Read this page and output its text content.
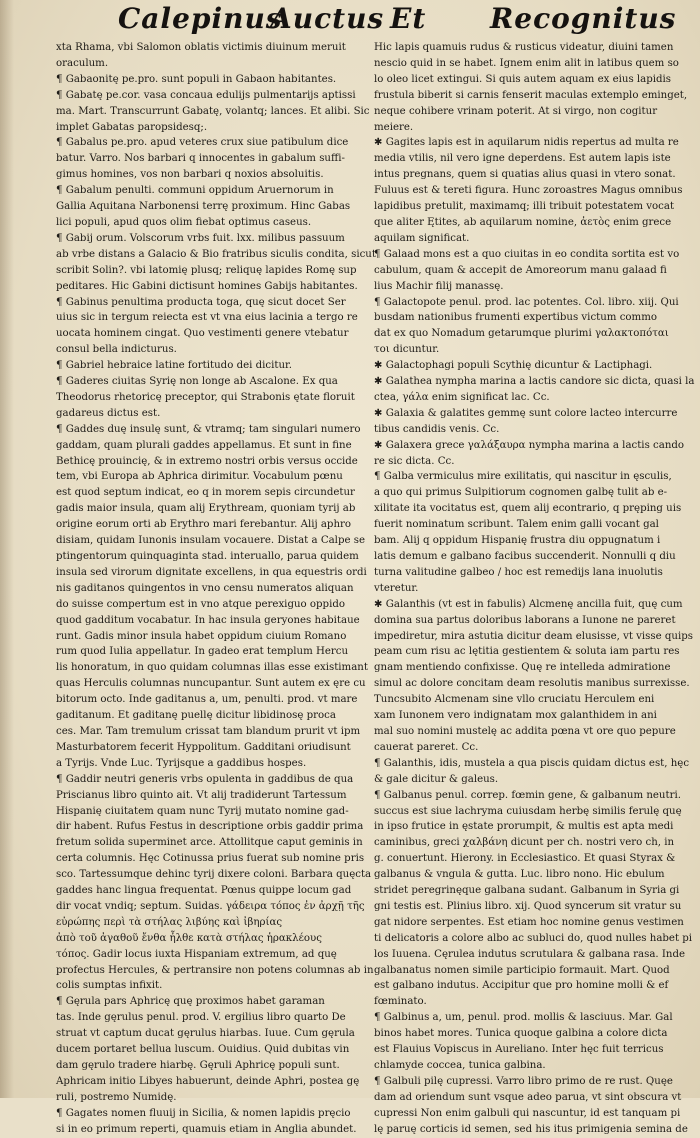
Calepinus
Auctus Et Recognitus
xta Rhama, vbi Salomon oblatis victimis diuinum meruit
oraculum.
¶ Gabaonitę pe.pro. sunt populi in Gabaon habitantes.
¶ Gabatę pe.cor. vasa concaua edulijs pulmentarijs aptissi
ma. Mart. Transcurrunt Gabatę, volantq; lances. Et alibi. Sic
implet Gabatas paropsidesq;.
¶ Gabalus pe.pro. apud veteres crux siue patibulum dice
batur. Varro. Nos barbari q innocentes in gabalum suffi-
gimus homines, vos non barbari q noxios absoluitis.
¶ Gabalum penulti. communi oppidum Aruernorum in
Gallia Aquitana Narbonensi terrę proximum. Hinc Gabas
lici populi, apud quos olim fiebat optimus caseus.
¶ Gabij orum. Volscorum vrbs fuit. lxx. milibus passuum
ab vrbe distans a Galacio & Bio fratribus siculis condita, sicut
scribit Solin?. vbi latomię plusq; reliquę lapides Romę sup
peditares. Hic Gabini dictisunt homines Gabijs habitantes.
¶ Gabinus penultima producta toga, quę sicut docet Ser
uius sic in tergum reiecta est vt vna eius lacinia a tergo re
uocata hominem cingat. Quo vestimenti genere vtebatur
consul bella indicturus.
¶ Gabriel hebraice latine fortitudo dei dicitur.
¶ Gaderes ciuitas Syrię non longe ab Ascalone. Ex qua
Theodorus rhetoricę preceptor, qui Strabonis ętate floruit
gadareus dictus est.
¶ Gaddes duę insulę sunt, & vtramq; tam singulari numero
gaddam, quam plurali gaddes appellamus. Et sunt in fine
Bethicę prouincię, & in extremo nostri orbis versus occide
tem, vbi Europa ab Aphrica dirimitur. Vocabulum pœnu
est quod septum indicat, eo q in morem sepis circundetur
gadis maior insula, quam alij Erythream, quoniam tyrij ab
origine eorum orti ab Erythro mari ferebantur. Alij aphro
disiam, quidam Iunonis insulam vocauere. Distat a Calpe se
ptingentorum quinquaginta stad. interuallo, parua quidem
insula sed virorum dignitate excellens, in qua equestris ordi
nis gaditanos quingentos in vno censu numeratos aliquan
do suisse compertum est in vno atque perexiguo oppido
quod gadditum vocabatur. In hac insula geryones habitaue
runt. Gadis minor insula habet oppidum ciuium Romano
rum quod Iulia appellatur. In gadeo erat templum Hercu
lis honoratum, in quo quidam columnas illas esse existimant
quas Herculis columnas nuncupantur. Sunt autem ex ęre cu
bitorum octo. Inde gaditanus a, um, penulti. prod. vt mare
gaditanum. Et gaditanę puellę dicitur libidinosę proca
ces. Mar. Tam tremulum crissat tam blandum prurit vt ipm
Masturbatorem fecerit Hyppolitum. Gadditani oriudisunt
a Tyrijs. Vnde Luc. Tyrijsque a gaddibus hospes.
¶ Gaddir neutri generis vrbs opulenta in gaddibus de qua
Priscianus libro quinto ait. Vt alij tradiderunt Tartessum
Hispanię ciuitatem quam nunc Tyrij mutato nomine gad-
dir habent. Rufus Festus in descriptione orbis gaddir prima
fretum solida superminet arce. Attollitque caput geminis in
certa columnis. Hęc Cotinussa prius fuerat sub nomine pris
sco. Tartessumque dehinc tyrij dixere coloni. Barbara quęcta
gaddes hanc lingua frequentat. Pœnus quippe locum gad
dir vocat vndiq; septum. Suidas. γάδειρα τόπος ἐν ἀρχῇ τῆς
εὐρώπης περὶ τὰ στήλας λιβύης καὶ ἰβηρίας
ἀπὸ τοῦ ἀγαθοῦ ἔνθα ἦλθε κατὰ στήλας ἡρακλέους
τόπος. Gadir locus iuxta Hispaniam extremum, ad quę
profectus Hercules, & pertransire non potens columnas ab in
colis sumptas infixit.
¶ Gęrula pars Aphricę quę proximos habet garaman
tas. Inde gęrulus penul. prod. V. ergilius libro quarto De
struat vt captum ducat gęrulus hiarbas. Iuue. Cum gęrula
ducem portaret bellua luscum. Ouidius. Quid dubitas vin
dam gęrulo tradere hiarbę. Gęruli Aphricę populi sunt.
Aphricam initio Libyes habuerunt, deinde Aphri, postea gę
ruli, postremo Numidę.
¶ Gagates nomen fluuij in Sicilia, & nomen lapidis pręcio
si in eo primum reperti, quamuis etiam in Anglia abundet.
Hic lapis quamuis rudus & rusticus videatur, diuini tamen
nescio quid in se habet. Ignem enim alit in latibus quem so
lo oleo licet extingui. Si quis autem aquam ex eius lapidis
frustula biberit si carnis fenserit maculas extemplo eminget,
neque cohibere vrinam poterit. At si virgo, non cogitur
meiere.
✱ Gagites lapis est in aquilarum nidis repertus ad multa re
media vtilis, nil vero igne deperdens. Est autem lapis iste
intus pregnans, quem si quatias alius quasi in vtero sonat.
Fuluus est & tereti figura. Hunc zoroastres Magus omnibus
lapidibus pretulit, maximamq; illi tribuit potestatem vocat
que aliter Ętites, ab aquilarum nomine, ἀετὸς enim grece
aquilam significat.
¶ Galaad mons est a quo ciuitas in eo condita sortita est vo
cabulum, quam & accepit de Amoreorum manu galaad fi
lius Machir filij manassę.
¶ Galactopote penul. prod. lac potentes. Col. libro. xiij. Qui
busdam nationibus frumenti expertibus victum commo
dat ex quo Nomadum getarumque plurimi γαλακτοπόται
τοι dicuntur.
✱ Galactophagi populi Scythię dicuntur & Lactiphagi.
✱ Galathea nympha marina a lactis candore sic dicta, quasi la
ctea, γάλα enim significat lac. Cc.
✱ Galaxia & galatites gemmę sunt colore lacteo intercurre
tibus candidis venis. Cc.
✱ Galaxera grece γαλάξαυρα nympha marina a lactis cando
re sic dicta. Cc.
¶ Galba vermiculus mire exilitatis, qui nascitur in ęsculis,
a quo qui primus Sulpitiorum cognomen galbę tulit ab e-
xilitate ita vocitatus est, quem alij econtrario, q pręping uis
fuerit nominatum scribunt. Talem enim galli vocant gal
bam. Alij q oppidum Hispanię frustra diu oppugnatum i
latis demum e galbano facibus succenderit. Nonnulli q diu
turna valitudine galbeo / hoc est remedijs lana inuolutis
vteretur.
✱ Galanthis (vt est in fabulis) Alcmenę ancilla fuit, quę cum
domina sua partus doloribus laborans a Iunone ne pareret
impediretur, mira astutia dicitur deam elusisse, vt visse quips
peam cum risu ac lętitia gestientem & soluta iam partu res
gnam mentiendo confixisse. Quę re intelleda admiratione
simul ac dolore concitam deam resolutis manibus surrexisse.
Tuncsubito Alcmenam sine vllo cruciatu Herculem eni
xam Iunonem vero indignatam mox galanthidem in ani
mal suo nomini mustelę ac addita pœna vt ore quo pepure
cauerat pareret. Cc.
¶ Galanthis, idis, mustela a qua piscis quidam dictus est, hęc
& gale dicitur & galeus.
¶ Galbanus penul. correp. fœmin gene, & galbanum neutri.
succus est siue lachryma cuiusdam herbę similis ferulę quę
in ipso frutice in ęstate prorumpit, & multis est apta medi
caminibus, greci χαλβάνη dicunt per ch. nostri vero ch, in
g. conuertunt. Hierony. in Ecclesiastico. Et quasi Styrax &
galbanus & vngula & gutta. Luc. libro nono. Hic ebulum
stridet peregrinęque galbana sudant. Galbanum in Syria gi
gni testis est. Plinius libro. xij. Quod syncerum sit vratur su
gat nidore serpentes. Est etiam hoc nomine genus vestimen
ti delicatoris a colore albo ac subluci do, quod nulles habet pi
los Iuuena. Cęrulea indutus scrutulara & galbana rasa. Inde
galbanatus nomen simile participio formauit. Mart. Quod
est galbano indutus. Accipitur que pro homine molli & ef
fœminato.
¶ Galbinus a, um, penul. prod. mollis & lasciuus. Mar. Gal
binos habet mores. Tunica quoque galbina a colore dicta
est Flauius Vopiscus in Aureliano. Inter hęc fuit terricus
chlamyde coccea, tunica galbina.
¶ Galbuli pilę cupressi. Varro libro primo de re rust. Quęe
dam ad oriendum sunt vsque adeo parua, vt sint obscura vt
cupressi Non enim galbuli qui nascuntur, id est tanquam pi
lę paruę corticis id semen, sed his itus primigenia semina de
